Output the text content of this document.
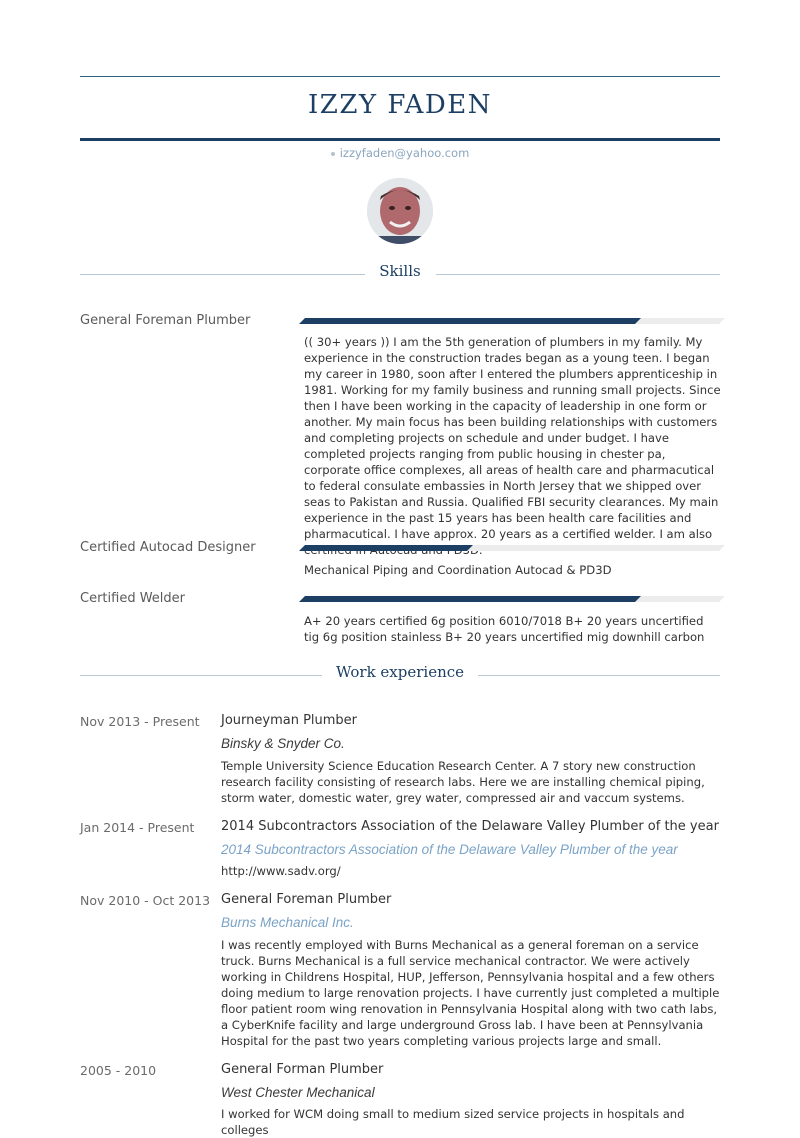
IZZY FADEN
izzyfaden@yahoo.com
Skills
General Foreman Plumber
(( 30+ years )) I am the 5th generation of plumbers in my family. My experience in the construction trades began as a young teen. I began my career in 1980, soon after I entered the plumbers apprenticeship in 1981. Working for my family business and running small projects. Since then I have been working in the capacity of leadership in one form or another. My main focus has been building relationships with customers and completing projects on schedule and under budget. I have completed projects ranging from public housing in chester pa, corporate office complexes, all areas of health care and pharmacutical to federal consulate embassies in North Jersey that we shipped over seas to Pakistan and Russia. Qualified FBI security clearances. My main experience in the past 15 years has been health care facilities and pharmacutical. I have approx. 20 years as a certified welder. I am also
Certified Autocad Designer
Mechanical Piping and Coordination Autocad & PD3D
Certified Welder
A+ 20 years certified 6g position 6010/7018 B+ 20 years uncertified tig 6g position stainless B+ 20 years uncertified mig downhill carbon
Work experience
Nov 2013 - Present Journeyman Plumber
Binsky & Snyder Co.
Temple University Science Education Research Center. A 7 story new construction research facility consisting of research labs. Here we are installing chemical piping, storm water, domestic water, grey water, compressed air and vaccum systems.
Jan 2014 - Present 2014 Subcontractors Association of the Delaware Valley Plumber of the year
2014 Subcontractors Association of the Delaware Valley Plumber of the year
http://www.sadv.org/
Nov 2010 - Oct 2013 General Foreman Plumber
Burns Mechanical Inc.
I was recently employed with Burns Mechanical as a general foreman on a service truck. Burns Mechanical is a full service mechanical contractor. We were actively working in Childrens Hospital, HUP, Jefferson, Pennsylvania hospital and a few others doing medium to large renovation projects. I have currently just completed a multiple floor patient room wing renovation in Pennsylvania Hospital along with two cath labs, a CyberKnife facility and large underground Gross lab. I have been at Pennsylvania Hospital for the past two years completing various projects large and small.
2005 - 2010	General Forman Plumber
West Chester Mechanical
I worked for WCM doing small to medium sized service projects in hospitals and colleges
